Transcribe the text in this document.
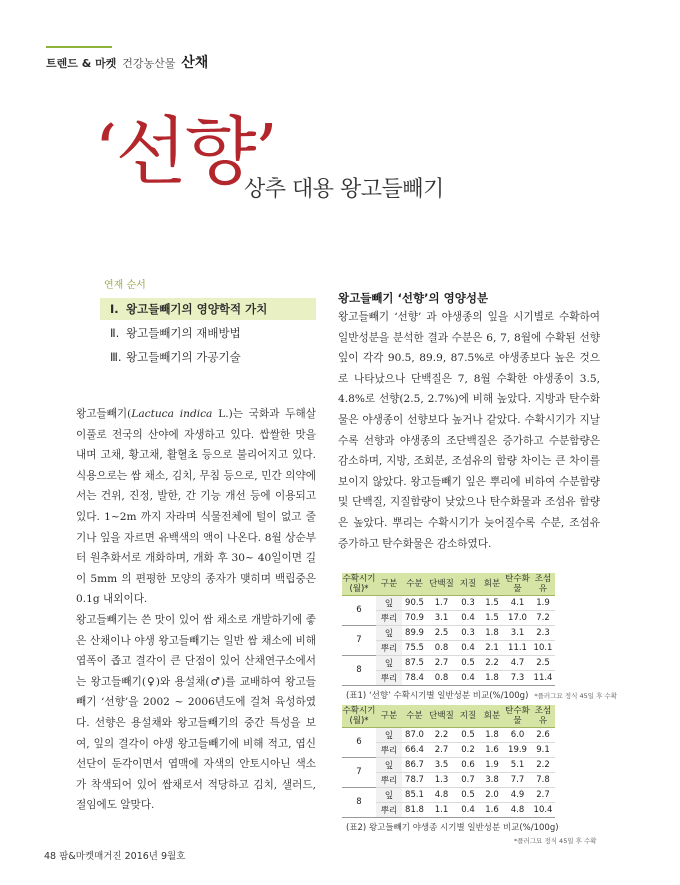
트렌드 & 마켓 건강농산물 산채
‘선향’
상추 대용 왕고들빼기
연재 순서
Ⅰ. 왕고들빼기의 영양학적 가치
Ⅱ. 왕고들빼기의 재배방법
Ⅲ. 왕고들빼기의 가공기술

왕고들빼기(Lactuca indica L.)는 국화과 두해살이풀로 전국의 산야에 자생하고 있다. 쌉쌀한 맛을 내며 고채, 황고채, 활혈초 등으로 불리어지고 있다. 식용으로는 쌈 채소, 김치, 무침 등으로, 민간 의약에서는 건위, 진정, 발한, 간 기능 개선 등에 이용되고 있다. 1~2m 까지 자라며 식물전체에 털이 없고 줄기나 잎을 자르면 유백색의 액이 나온다. 8월 상순부터 원추화서로 개화하며, 개화 후 30~ 40일이면 길이 5mm 의 편평한 모양의 종자가 맺히며 백립중은 0.1g 내외이다.

왕고들빼기는 쓴 맛이 있어 쌈 채소로 개발하기에 좋은 산채이나 야생 왕고들빼기는 일반 쌈 채소에 비해 엽폭이 좁고 결각이 큰 단점이 있어 산채연구소에서는 왕고들빼기(♀)와 용설채(♂)를 교배하여 왕고들빼기 ‘선향’을 2002 ~ 2006년도에 걸쳐 육성하였다. 선향은 용설채와 왕고들빼기의 중간 특성을 보여, 잎의 결각이 야생 왕고들빼기에 비해 적고, 엽신 선단이 둔각이면서 엽맥에 자색의 안토시아닌 색소가 착색되어 있어 쌈채로서 적당하고 김치, 샐러드, 절임에도 알맞다.

왕고들빼기 ‘선향’의 영양성분
왕고들빼기 ‘선향’ 과 야생종의 잎을 시기별로 수확하여 일반성분을 분석한 결과 수분은 6, 7, 8월에 수확된 선향 잎이 각각 90.5, 89.9, 87.5%로 야생종보다 높은 것으로 나타났으나 단백질은 7, 8월 수확한 야생종이 3.5, 4.8%로 선향(2.5, 2.7%)에 비해 높았다. 지방과 탄수화물은 야생종이 선향보다 높거나 같았다. 수확시기가 지날수록 선향과 야생종의 조단백질은 증가하고 수분함량은 감소하며, 지방, 조회분, 조섬유의 함량 차이는 큰 차이를 보이지 않았다. 왕고들빼기 잎은 뿌리에 비하여 수분함량 및 단백질, 지질함량이 낮았으나 탄수화물과 조섬유 함량은 높았다. 뿌리는 수확시기가 늦어질수록 수분, 조섬유 증가하고 탄수화물은 감소하였다.
수확시기(월)*	구분	수분	단백질	지질	회분	탄수화물	조섬유
6	잎	90.5	1.7	0.3	1.5	4.1	1.9
	뿌리	70.9	3.1	0.4	1.5	17.0	7.2
7	잎	89.9	2.5	0.3	1.8	3.1	2.3
	뿌리	75.5	0.8	0.4	2.1	11.1	10.1
8	잎	87.5	2.7	0.5	2.2	4.7	2.5
	뿌리	78.4	0.8	0.4	1.8	7.3	11.4
(표1) ‘선향’ 수확시기별 일반성분 비교(%/100g) *플러그묘 정식 45일 후 수확
수확시기(월)*	구분	수분	단백질	지질	회분	탄수화물	조섬유
6	잎	87.0	2.2	0.5	1.8	6.0	2.6
	뿌리	66.4	2.7	0.2	1.6	19.9	9.1
7	잎	86.7	3.5	0.6	1.9	5.1	2.2
	뿌리	78.7	1.3	0.7	3.8	7.7	7.8
8	잎	85.1	4.8	0.5	2.0	4.9	2.7
	뿌리	81.8	1.1	0.4	1.6	4.8	10.4
(표2) 왕고들빼기 야생종 시기별 일반성분 비교(%/100g)
*플러그묘 정식 45일 후 수확
48 팜&마켓매거진 2016년 9월호
